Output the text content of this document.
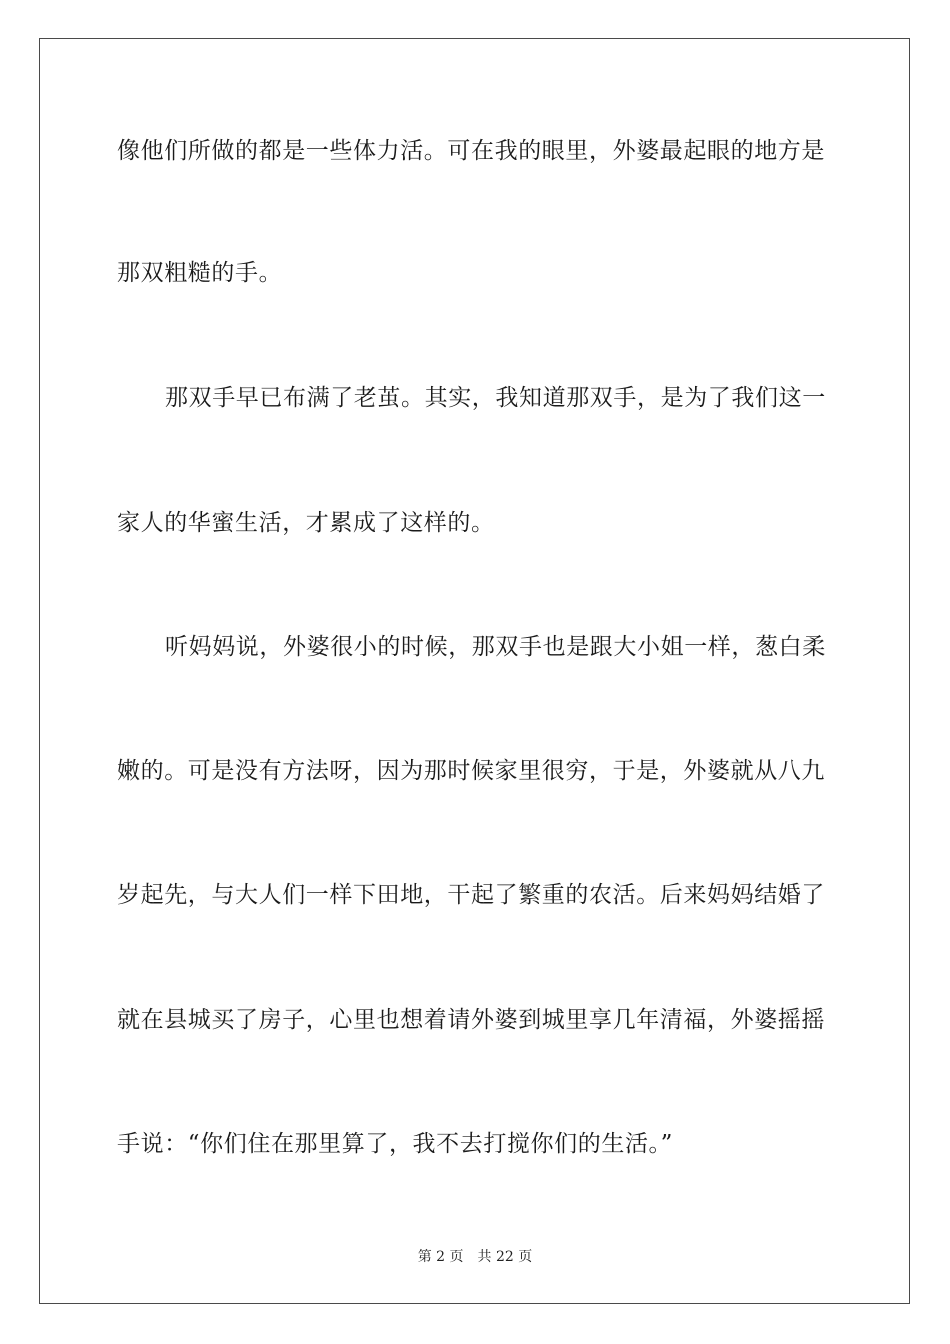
像他们所做的都是一些体力活。可在我的眼里，外婆最起眼的地方是
那双粗糙的手。
那双手早已布满了老茧。其实，我知道那双手，是为了我们这一
家人的华蜜生活，才累成了这样的。
听妈妈说，外婆很小的时候，那双手也是跟大小姐一样，葱白柔
嫩的。可是没有方法呀，因为那时候家里很穷，于是，外婆就从八九
岁起先，与大人们一样下田地，干起了繁重的农活。后来妈妈结婚了
就在县城买了房子，心里也想着请外婆到城里享几年清福，外婆摇摇
手说：“你们住在那里算了，我不去打搅你们的生活。”
第 2 页 共 22 页
